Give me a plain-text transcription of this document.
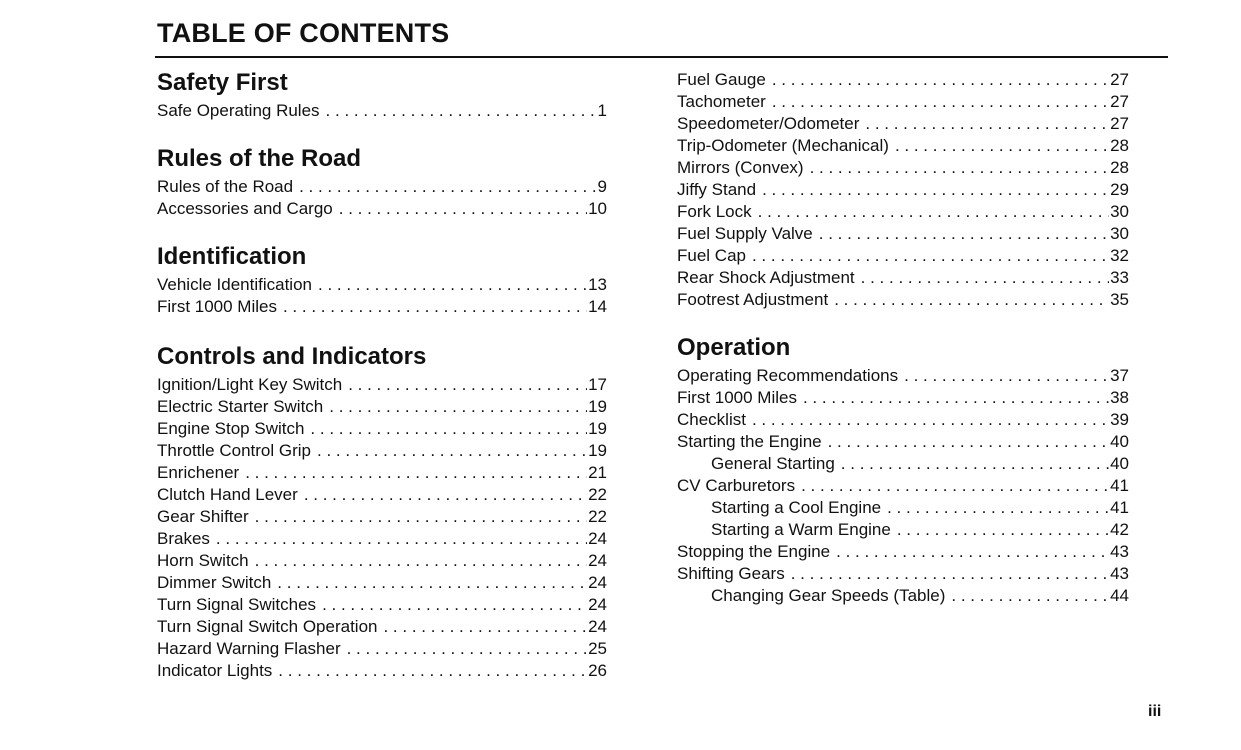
TABLE OF CONTENTS
Safety First
Safe Operating Rules . . .	1
Rules of the Road
Rules of the Road . . .	9
Accessories and Cargo . . .	10
Identification
Vehicle Identification . . .	13
First 1000 Miles . . .	14
Controls and Indicators
Ignition/Light Key Switch . . .	17
Electric Starter Switch . . .	19
Engine Stop Switch . . .	19
Throttle Control Grip . . .	19
Enrichener . . .	21
Clutch Hand Lever . . .	22
Gear Shifter . . .	22
Brakes . . .	24
Horn Switch . . .	24
Dimmer Switch . . .	24
Turn Signal Switches . . .	24
Turn Signal Switch Operation . . .	24
Hazard Warning Flasher . . .	25
Indicator Lights . . .	26
Fuel Gauge . . .	27
Tachometer . . .	27
Speedometer/Odometer . . .	27
Trip-Odometer (Mechanical) . . .	28
Mirrors (Convex) . . .	28
Jiffy Stand . . .	29
Fork Lock . . .	30
Fuel Supply Valve . . .	30
Fuel Cap . . .	32
Rear Shock Adjustment . . .	33
Footrest Adjustment . . .	35
Operation
Operating Recommendations . . .	37
First 1000 Miles . . .	38
Checklist . . .	39
Starting the Engine . . .	40
General Starting . . .	40
CV Carburetors . . .	41
Starting a Cool Engine . . .	41
Starting a Warm Engine . . .	42
Stopping the Engine . . .	43
Shifting Gears . . .	43
Changing Gear Speeds (Table) . . .	44
iii
